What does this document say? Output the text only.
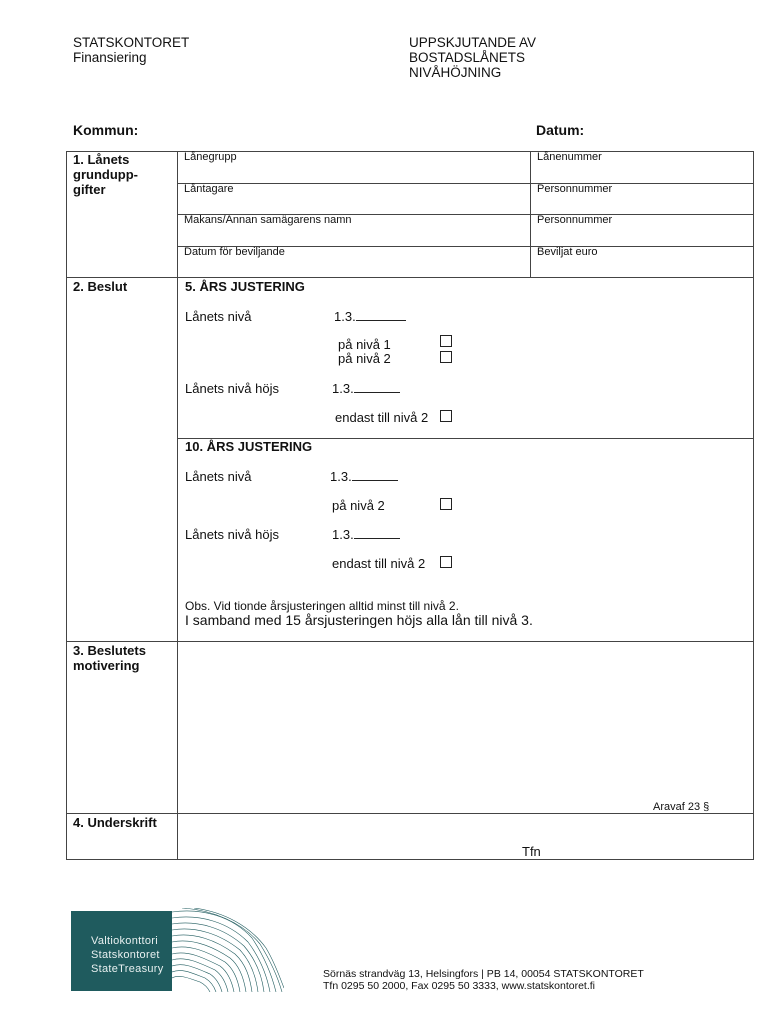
STATSKONTORET
Finansiering
UPPSKJUTANDE AV
BOSTADSLÅNETS
NIVÅHÖJNING
Kommun:	Datum:
1. Lånets
grundupp-
gifter
Lånegrupp	Lånenummer
Låntagare	Personnummer
Makans/Annan samägarens namn	Personnummer
Datum för beviljande	Beviljat euro
2. Beslut	5. ÅRS JUSTERING
Lånets nivå	1.3.
på nivå 1
på nivå 2
Lånets nivå höjs	1.3.
endast till nivå 2
10. ÅRS JUSTERING
Lånets nivå	1.3.
på nivå 2
Lånets nivå höjs	1.3.
endast till nivå 2
Obs. Vid tionde årsjusteringen alltid minst till nivå 2.
I samband med 15 årsjusteringen höjs alla lån till nivå 3.
3. Beslutets
motivering
Aravaf 23 §
4. Underskrift
Tfn
Valtiokonttori
Statskontoret
StateTreasury	Sörnäs strandväg 13, Helsingfors | PB 14, 00054 STATSKONTORET
Tfn 0295 50 2000, Fax 0295 50 3333, www.statskontoret.fi
